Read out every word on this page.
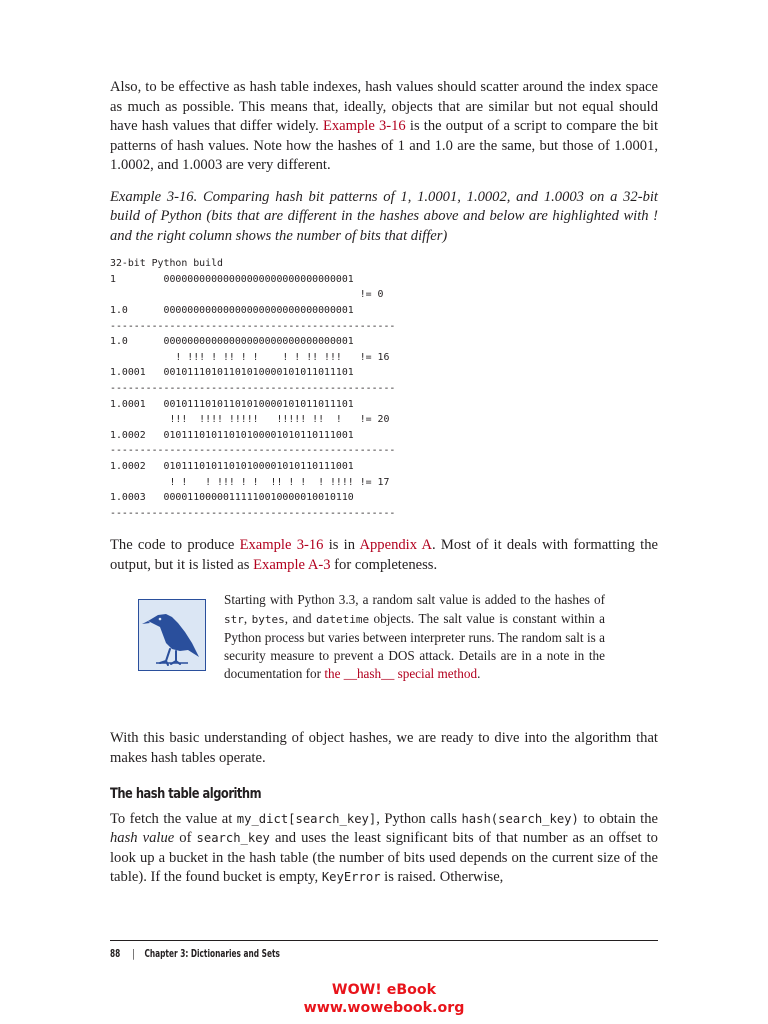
Also, to be effective as hash table indexes, hash values should scatter around the index space as much as possible. This means that, ideally, objects that are similar but not equal should have hash values that differ widely. Example 3-16 is the output of a script to compare the bit patterns of hash values. Note how the hashes of 1 and 1.0 are the same, but those of 1.0001, 1.0002, and 1.0003 are very different.

Example 3-16. Comparing hash bit patterns of 1, 1.0001, 1.0002, and 1.0003 on a 32-bit build of Python (bits that are different in the hashes above and below are highlighted with ! and the right column shows the number of bits that differ)

32-bit Python build
1        00000000000000000000000000000001
!= 0
1.0      00000000000000000000000000000001
------------------------------------------------
1.0      00000000000000000000000000000001
! !!! ! !! ! !    ! ! !! !!!   != 16
1.0001   00101110101101010000101011011101
------------------------------------------------
1.0001   00101110101101010000101011011101
!!!  !!!! !!!!!   !!!!! !!  !   != 20
1.0002   01011101011010100001010110111001
------------------------------------------------
1.0002   01011101011010100001010110111001
! !   ! !!! ! !  !! ! !  ! !!!! != 17
1.0003   00001100000111110010000010010110
------------------------------------------------

The code to produce Example 3-16 is in Appendix A. Most of it deals with formatting the output, but it is listed as Example A-3 for completeness.

Starting with Python 3.3, a random salt value is added to the hashes of str, bytes, and datetime objects. The salt value is constant within a Python process but varies between interpreter runs. The random salt is a security measure to prevent a DOS attack. Details are in a note in the documentation for the __hash__ special method.

With this basic understanding of object hashes, we are ready to dive into the algorithm that makes hash tables operate.

The hash table algorithm

To fetch the value at my_dict[search_key], Python calls hash(search_key) to obtain the hash value of search_key and uses the least significant bits of that number as an offset to look up a bucket in the hash table (the number of bits used depends on the current size of the table). If the found bucket is empty, KeyError is raised. Otherwise,

88 | Chapter 3: Dictionaries and Sets
WOW! eBook
www.wowebook.org
